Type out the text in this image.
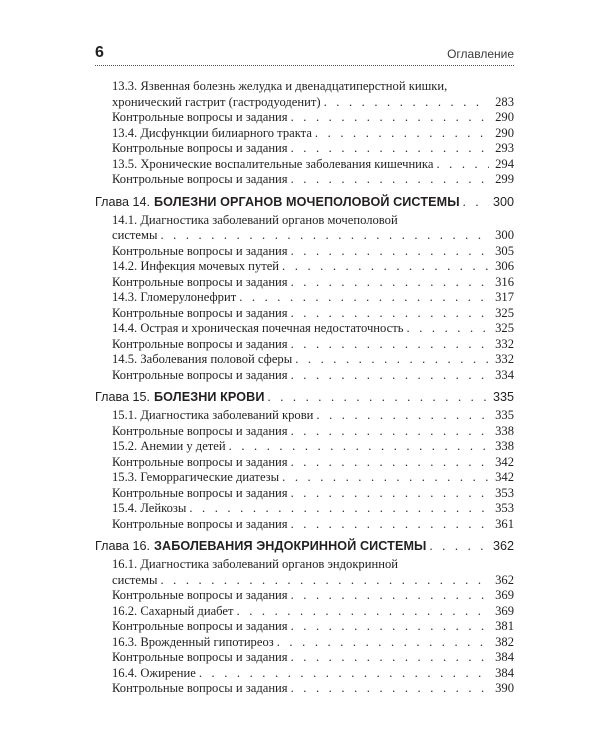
6	Оглавление
13.3. Язвенная болезнь желудка и двенадцатиперстной кишки,
хронический гастрит (гастродуоденит) . . .	283
Контрольные вопросы и задания . . .	290
13.4. Дисфункции билиарного тракта . . .	290
Контрольные вопросы и задания . . .	293
13.5. Хронические воспалительные заболевания кишечника . . .	294
Контрольные вопросы и задания . . .	299
Глава 14. БОЛЕЗНИ ОРГАНОВ МОЧЕПОЛОВОЙ СИСТЕМЫ . . .	300
14.1. Диагностика заболеваний органов мочеполовой
системы . . .	300
Контрольные вопросы и задания . . .	305
14.2. Инфекция мочевых путей . . .	306
Контрольные вопросы и задания . . .	316
14.3. Гломерулонефрит . . .	317
Контрольные вопросы и задания . . .	325
14.4. Острая и хроническая почечная недостаточность . . .	325
Контрольные вопросы и задания . . .	332
14.5. Заболевания половой сферы . . .	332
Контрольные вопросы и задания . . .	334
Глава 15. БОЛЕЗНИ КРОВИ . . .	335
15.1. Диагностика заболеваний крови . . .	335
Контрольные вопросы и задания . . .	338
15.2. Анемии у детей . . .	338
Контрольные вопросы и задания . . .	342
15.3. Геморрагические диатезы . . .	342
Контрольные вопросы и задания . . .	353
15.4. Лейкозы . . .	353
Контрольные вопросы и задания . . .	361
Глава 16. ЗАБОЛЕВАНИЯ ЭНДОКРИННОЙ СИСТЕМЫ . . .	362
16.1. Диагностика заболеваний органов эндокринной
системы . . .	362
Контрольные вопросы и задания . . .	369
16.2. Сахарный диабет . . .	369
Контрольные вопросы и задания . . .	381
16.3. Врожденный гипотиреоз . . .	382
Контрольные вопросы и задания . . .	384
16.4. Ожирение . . .	384
Контрольные вопросы и задания . . .	390
